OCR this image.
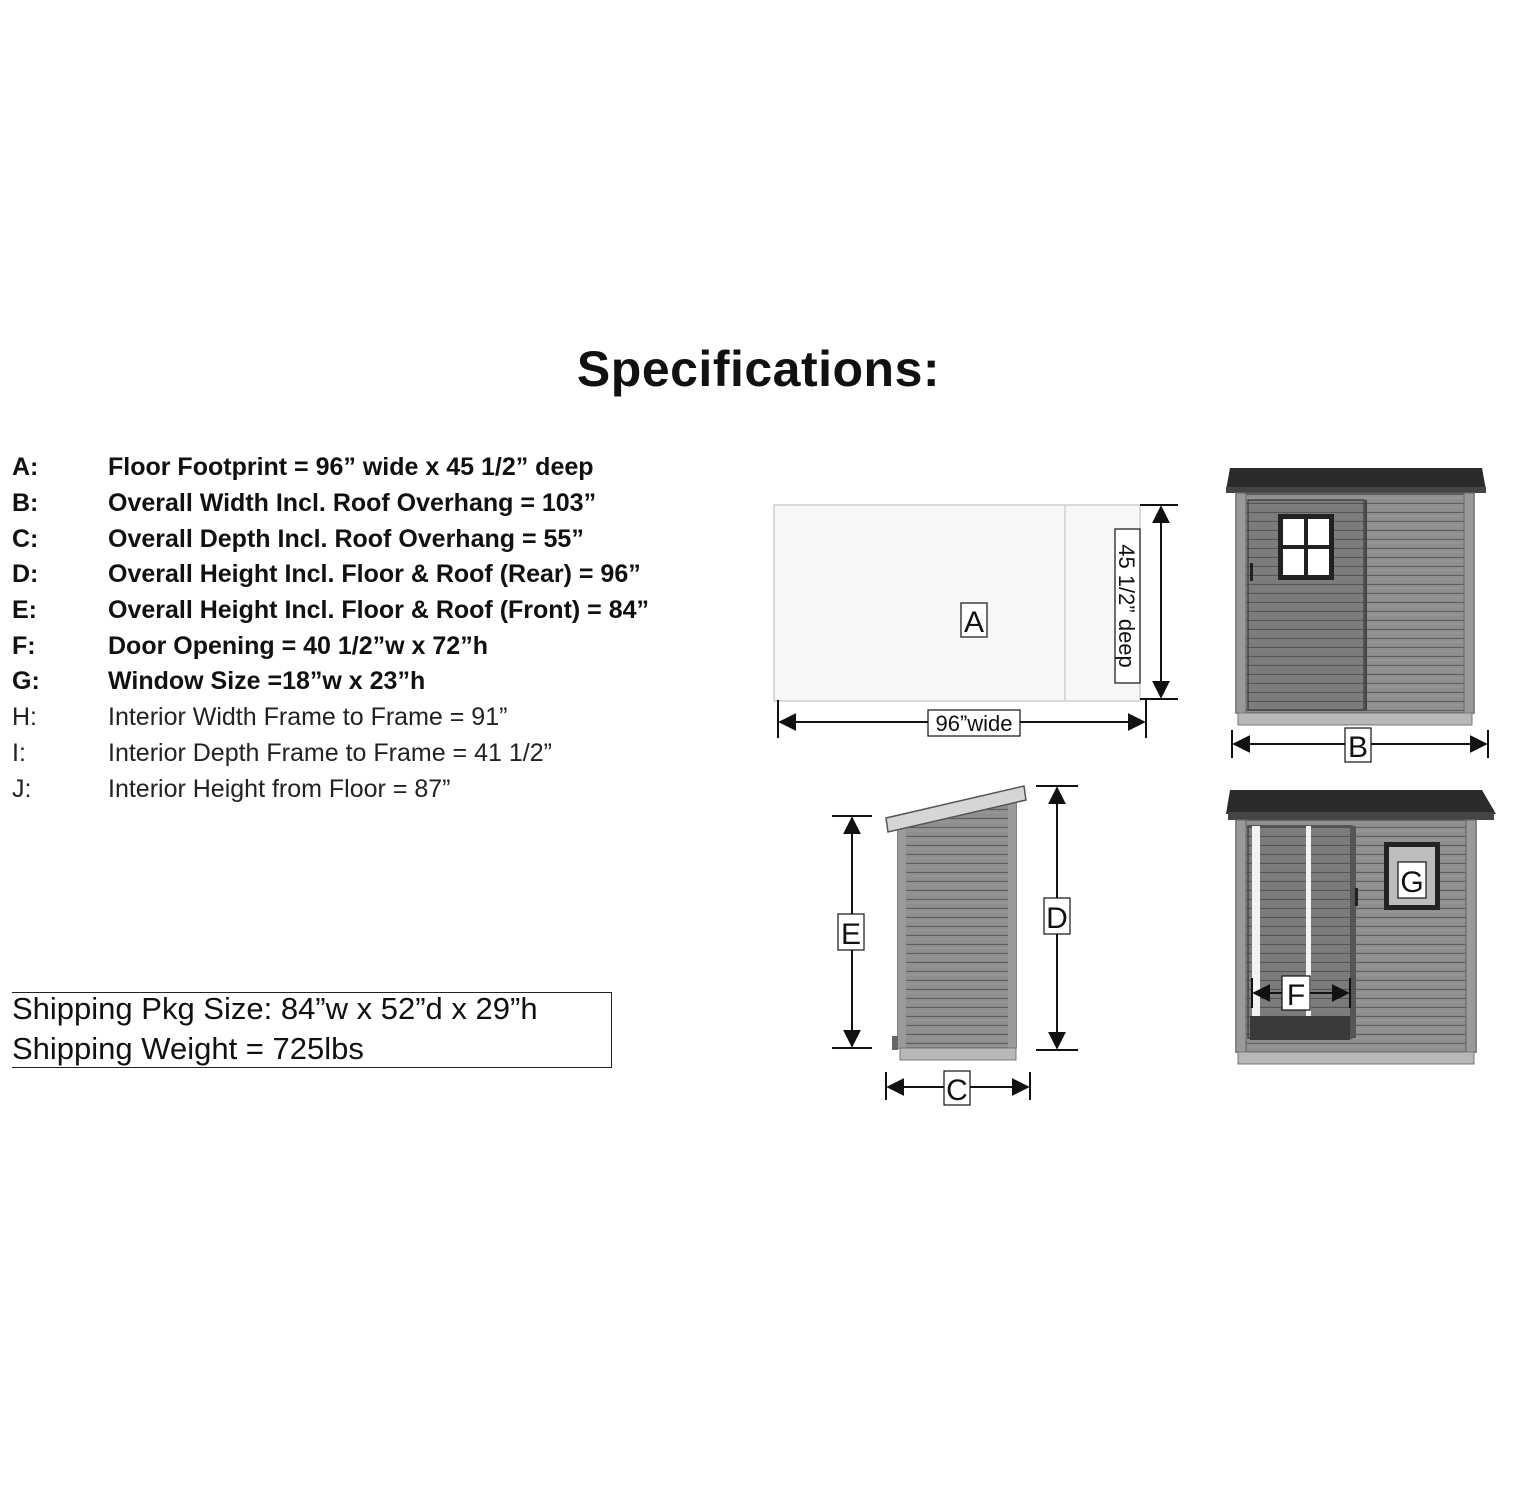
Specifications:
A:	Floor Footprint = 96” wide x 45 1/2” deep
B:	Overall Width Incl. Roof Overhang = 103”
C:	Overall Depth Incl. Roof Overhang = 55”
D:	Overall Height Incl. Floor & Roof (Rear) = 96”
E:	Overall Height Incl. Floor & Roof (Front) = 84”
F:	Door Opening = 40 1/2”w x 72”h
G:	Window Size =18”w x 23”h
H:	Interior Width Frame to Frame = 91”
I:	Interior Depth Frame to Frame = 41 1/2”
J:	Interior Height from Floor = 87”
Shipping Pkg Size: 84”w x 52”d x 29”h
Shipping Weight = 725lbs
A
96”wide
45 1/2” deep
B
E	D
C
G
F
